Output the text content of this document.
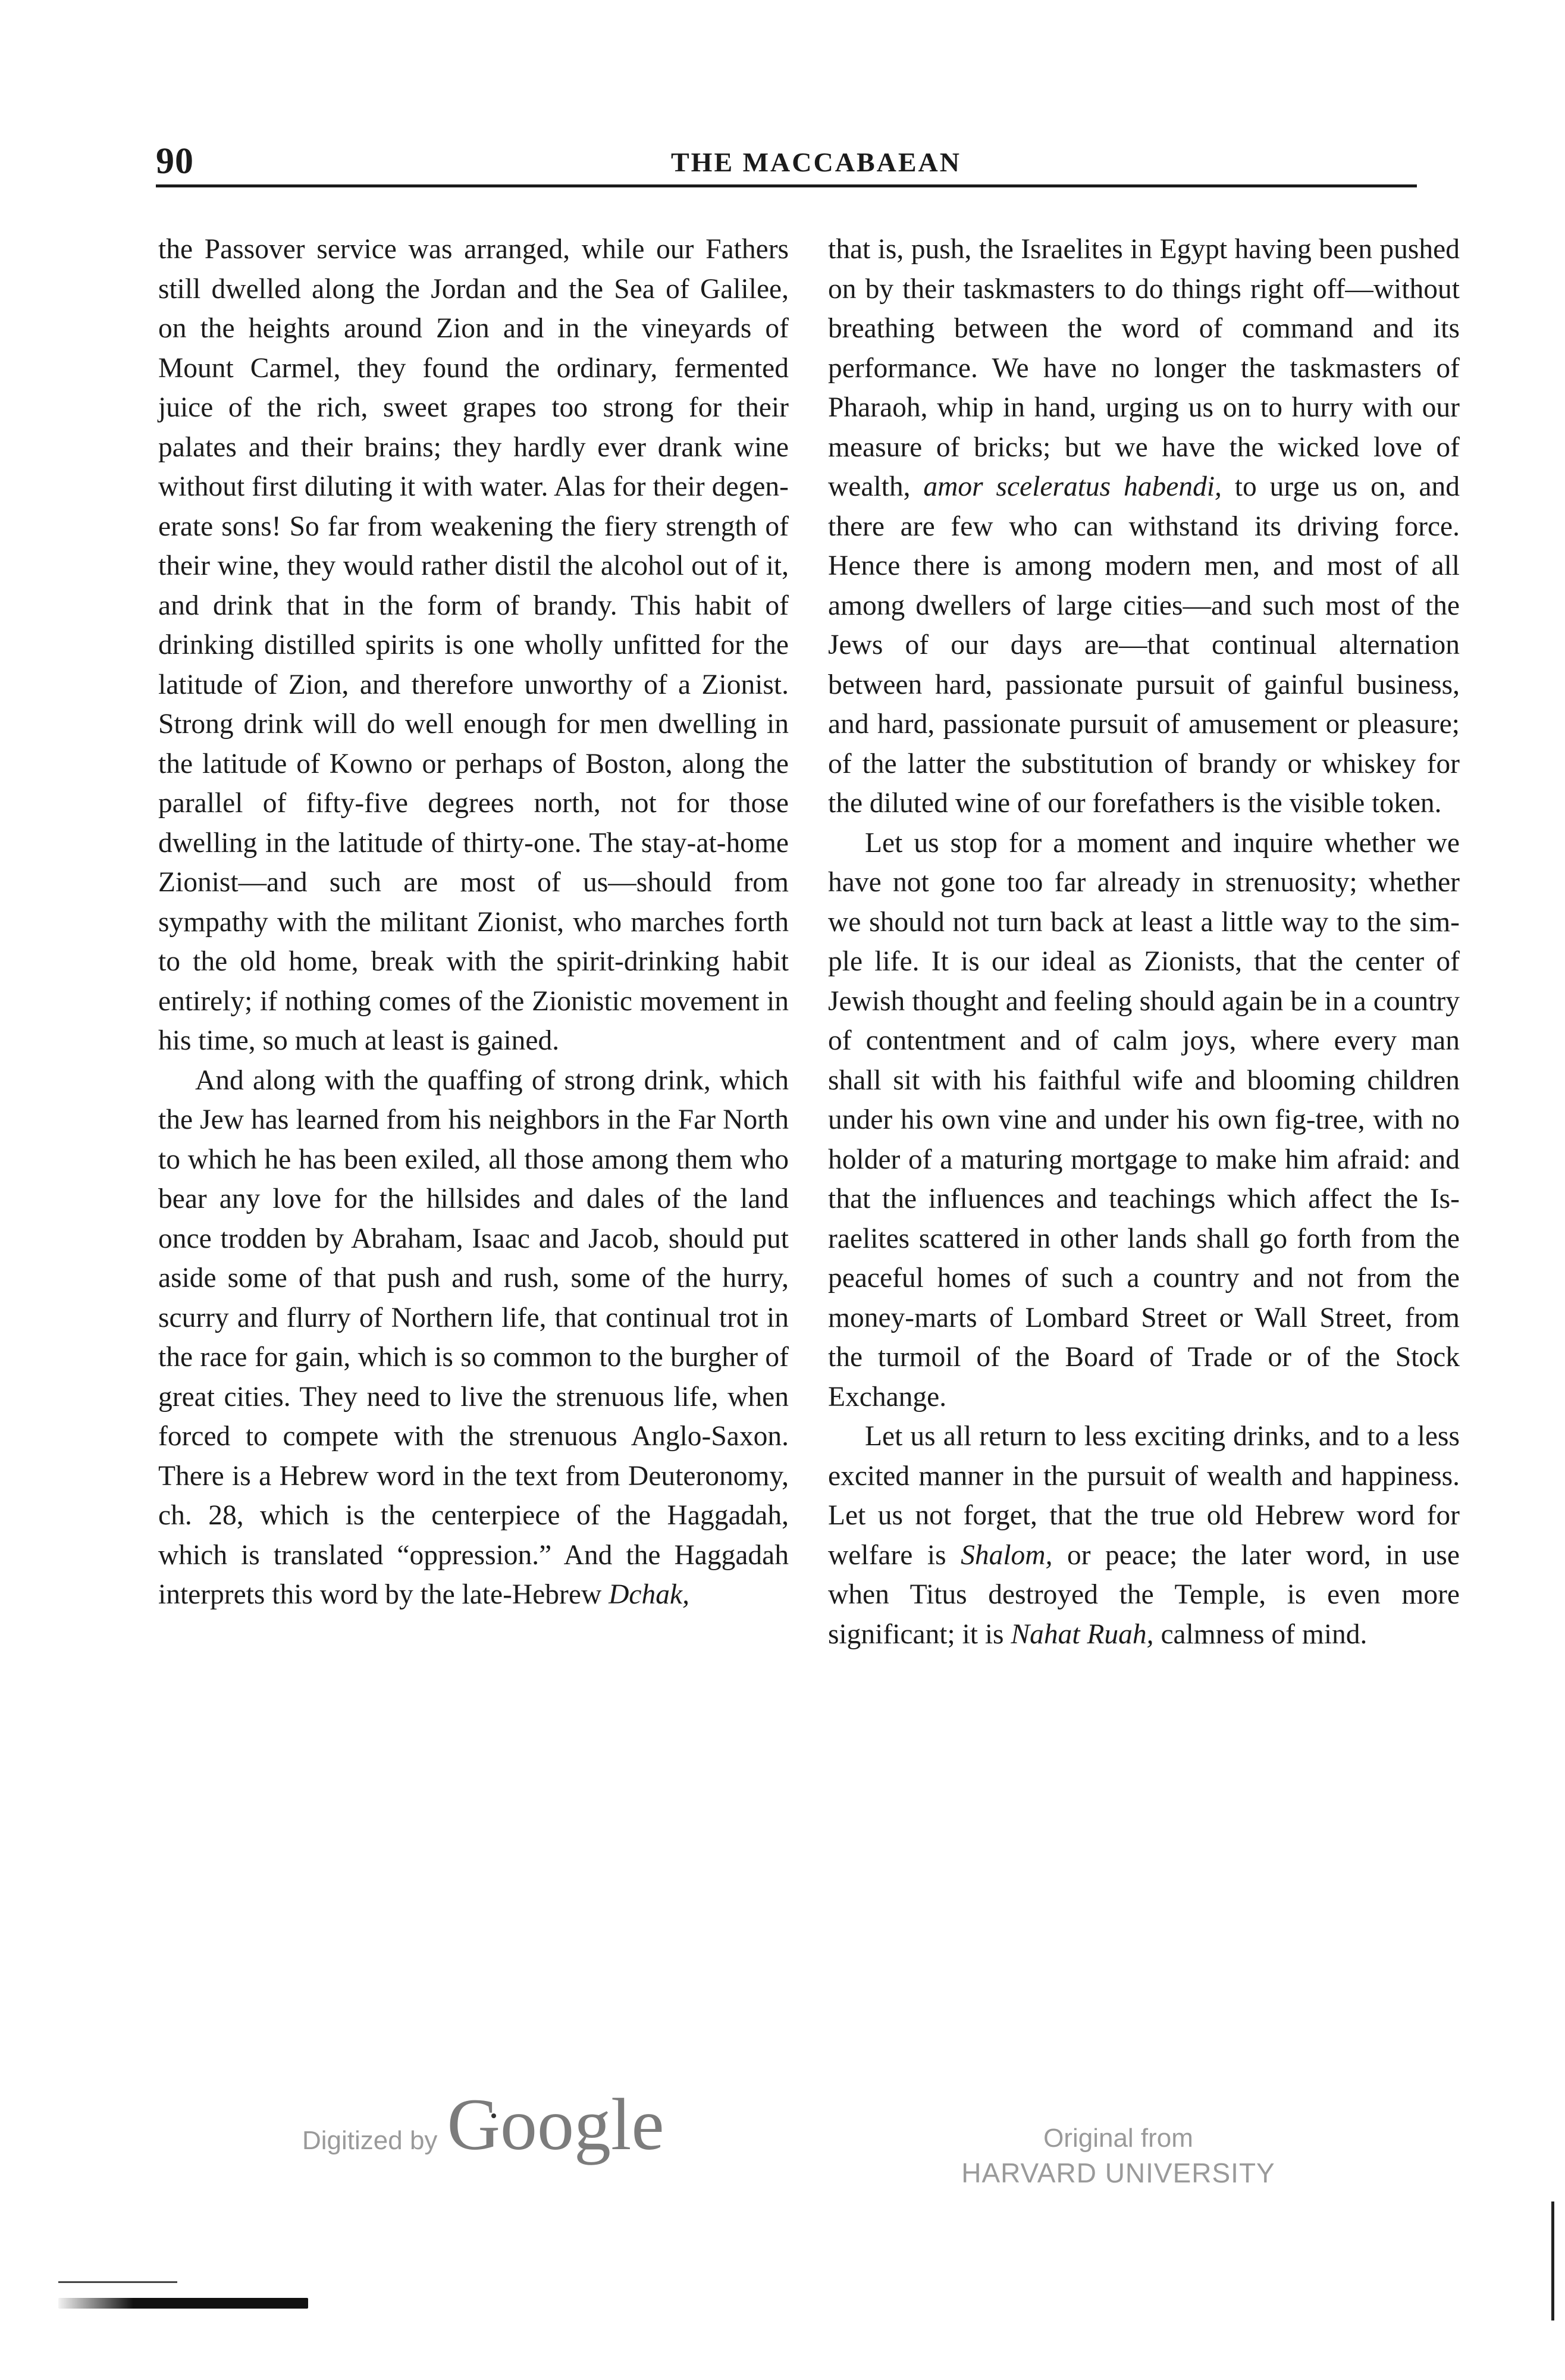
90	THE MACCABAEAN

the Passover service was arranged, while our Fathers still dwelled along the Jordan and the Sea of Galilee, on the heights around Zion and in the vineyards of Mount Carmel, they found the ordinary, fermented juice of the rich, sweet grapes too strong for their palates and their brains; they hardly ever drank wine without first diluting it with water. Alas for their degenerate sons! So far from weakening the fiery strength of their wine, they would rather distil the alcohol out of it, and drink that in the form of brandy. This habit of drinking distilled spirits is one wholly unfitted for the latitude of Zion, and therefore unworthy of a Zionist. Strong drink will do well enough for men dwelling in the latitude of Kowno or perhaps of Boston, along the parallel of fifty-five degrees north, not for those dwelling in the latitude of thirty-one. The stay-at-home Zionist—and such are most of us—should from sympathy with the militant Zionist, who marches forth to the old home, break with the spirit-drinking habit entirely; if nothing comes of the Zionistic movement in his time, so much at least is gained.

And along with the quaffing of strong drink, which the Jew has learned from his neighbors in the Far North to which he has been exiled, all those among them who bear any love for the hillsides and dales of the land once trodden by Abraham, Isaac and Jacob, should put aside some of that push and rush, some of the hurry, scurry and flurry of Northern life, that continual trot in the race for gain, which is so common to the burgher of great cities. They need to live the strenuous life, when forced to compete with the strenuous Anglo-Saxon. There is a Hebrew word in the text from Deuteronomy, ch. 28, which is the centerpiece of the Haggadah, which is translated “oppression.” And the Haggadah interprets this word by the late-Hebrew Dchak,

that is, push, the Israelites in Egypt having been pushed on by their taskmasters to do things right off—without breathing between the word of command and its performance. We have no longer the taskmasters of Pharaoh, whip in hand, urging us on to hurry with our measure of bricks; but we have the wicked love of wealth, amor sceleratus habendi, to urge us on, and there are few who can withstand its driving force. Hence there is among modern men, and most of all among dwellers of large cities—and such most of the Jews of our days are—that continual alternation between hard, passionate pursuit of gainful business, and hard, passionate pursuit of amusement or pleasure; of the latter the substitution of brandy or whiskey for the diluted wine of our forefathers is the visible token.

Let us stop for a moment and inquire whether we have not gone too far already in strenuosity; whether we should not turn back at least a little way to the simple life. It is our ideal as Zionists, that the center of Jewish thought and feeling should again be in a country of contentment and of calm joys, where every man shall sit with his faithful wife and blooming children under his own vine and under his own fig-tree, with no holder of a maturing mortgage to make him afraid: and that the influences and teachings which affect the Israelites scattered in other lands shall go forth from the peaceful homes of such a country and not from the money-marts of Lombard Street or Wall Street, from the turmoil of the Board of Trade or of the Stock Exchange.

Let us all return to less exciting drinks, and to a less excited manner in the pursuit of wealth and happiness. Let us not forget, that the true old Hebrew word for welfare is Shalom, or peace; the later word, in use when Titus destroyed the Temple, is even more significant; it is Nahat Ruah, calmness of mind.

Digitized by Google	Original from
HARVARD UNIVERSITY
